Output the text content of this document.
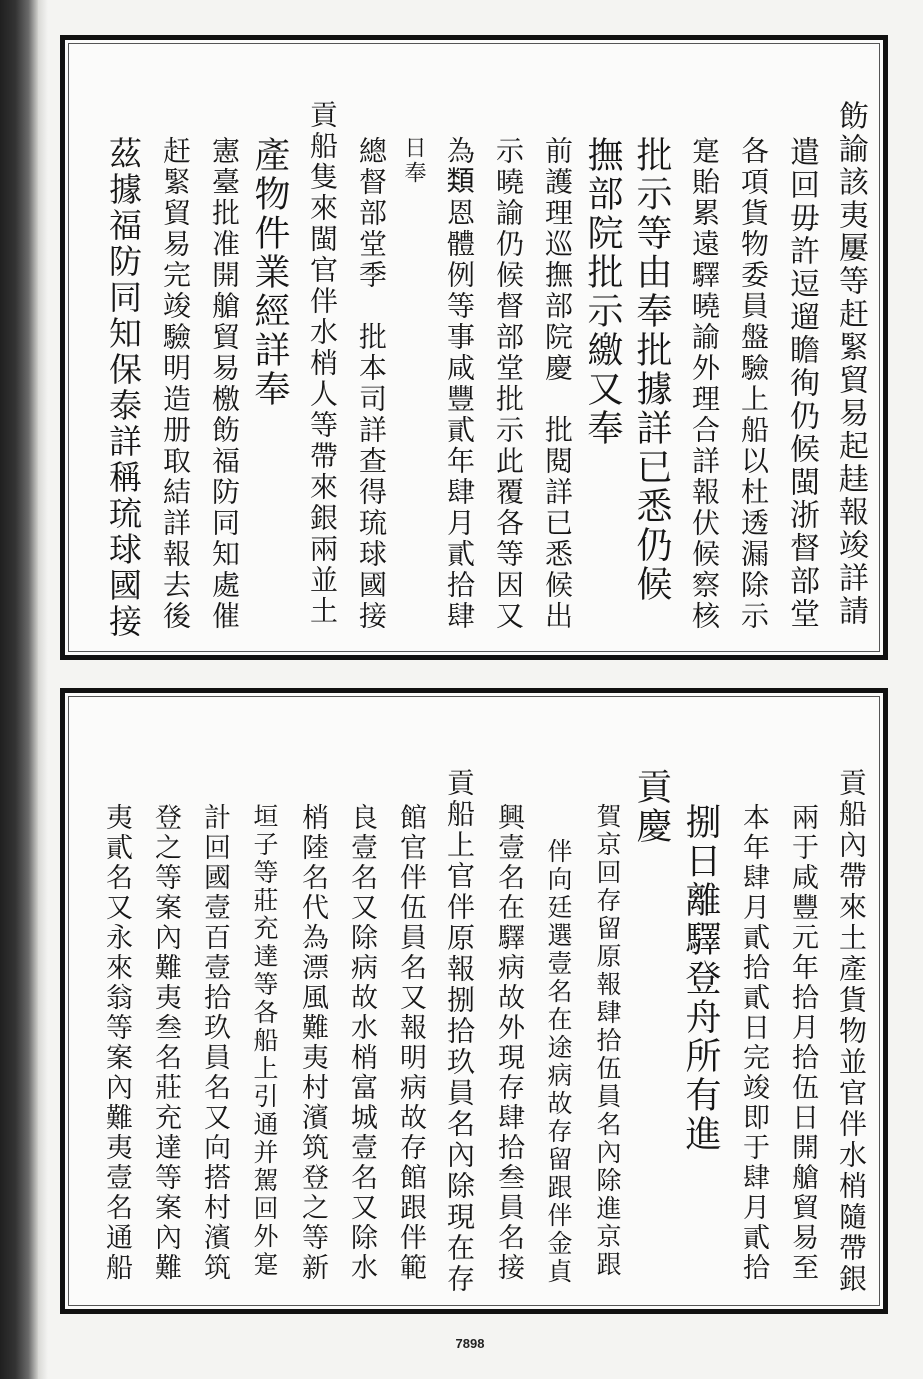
飭諭該夷屢等赶緊貿易起䞨報竣詳請
遣回毋許逗遛瞻徇仍候閩浙督部堂
各項貨物委員盤驗上船以杜透漏除示
寔貽累遠驛曉諭外理合詳報伏候察核
批示等由奉批據詳已悉仍候
撫部院批示繳又奉
前護理巡撫部院慶　批閱詳已悉候出
示曉諭仍候督部堂批示此覆各等因又
為𩔖恩體例等事咸豐貳年肆月貳拾肆
日奉
總督部堂季　批本司詳查得琉球國接
貢船隻來閩官伴水梢人等帶來銀兩並土
產物件業經詳奉
憲臺批准開艙貿易檄飭福防同知處催
赶緊貿易完竣驗明造册取結詳報去後
茲據福防同知保泰詳稱琉球國接
貢船內帶來土產貨物並官伴水梢隨帶銀
兩于咸豐元年拾月拾伍日開艙貿易至
本年肆月貳拾貳日完竣即于肆月貳拾
捌日離驛登舟所有進
貢慶
賀京回存留原報肆拾伍員名內除進京跟
伴向廷選壹名在途病故存留跟伴金貞
興壹名在驛病故外現存肆拾叁員名接
貢船上官伴原報捌拾玖員名內除現在存
館官伴伍員名又報明病故存館跟伴範
良壹名又除病故水梢富城壹名又除水
梢陸名代為漂風難夷村濱筑登之等新
垣子等莊充達等各船上引通并駕回外寔
計回國壹百壹拾玖員名又向搭村濱筑
登之等案內難夷叁名莊充達等案內難
夷貳名又永來翁等案內難夷壹名通船
7898
